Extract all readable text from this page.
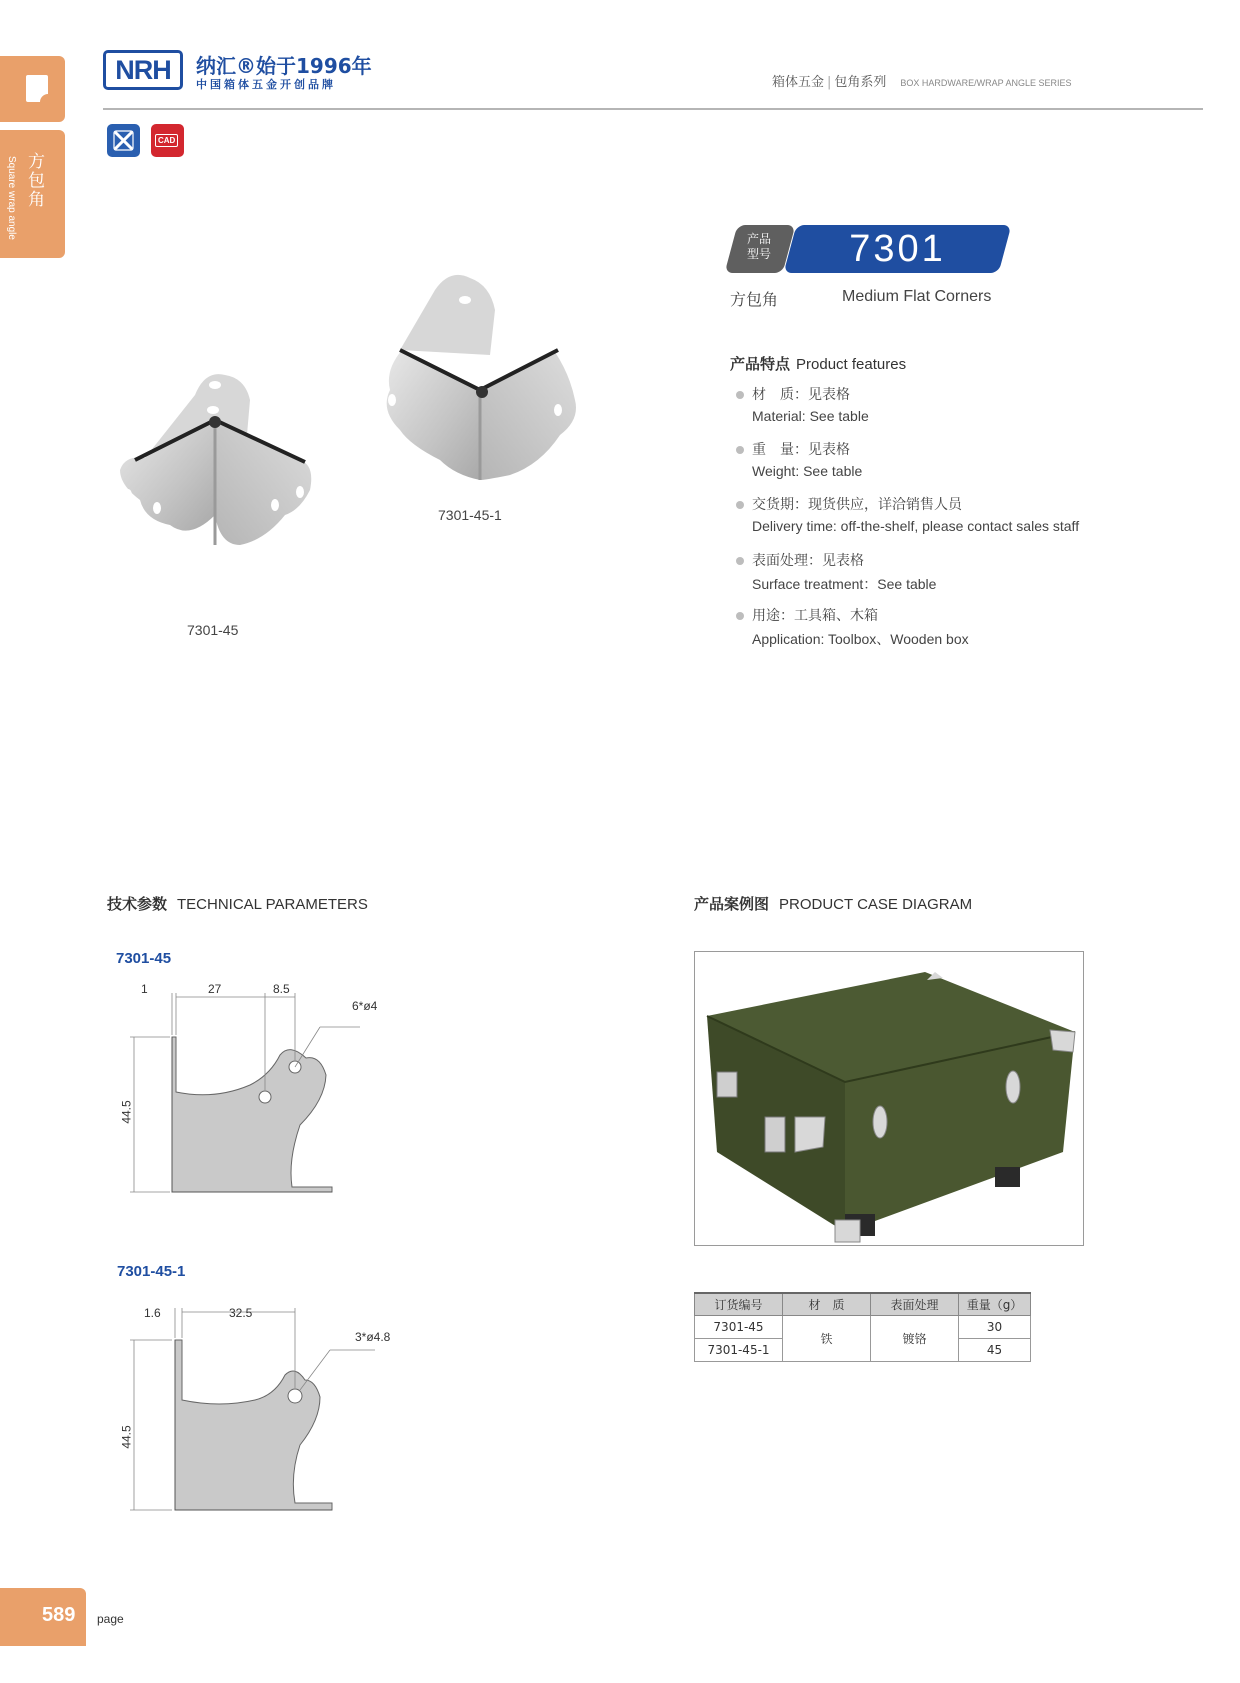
方包角
Square wrap angle
NRH	纳汇®始于1996年
中国箱体五金开创品牌	箱体五金 | 包角系列 BOX HARDWARE/WRAP ANGLE SERIES
CAD
7301-45
7301-45-1
产品
型号	7301
方包角	Medium Flat Corners
产品特点 Product features
材　质：见表格
Material: See table
重　量：见表格
Weight: See table
交货期：现货供应，详洽销售人员
Delivery time: off-the-shelf, please contact sales staff
表面处理：见表格
Surface treatment：See table
用途：工具箱、木箱
Application: Toolbox、Wooden box
技术参数 TECHNICAL PARAMETERS	产品案例图 PRODUCT CASE DIAGRAM
7301-45
1	27	8.5
6*ø4
44.5
7301-45-1
1.6	32.5
3*ø4.8
44.5
订货编号	材　质	表面处理	重量（g）
7301-45	铁	镀铬	30
7301-45-1			45
589 page
